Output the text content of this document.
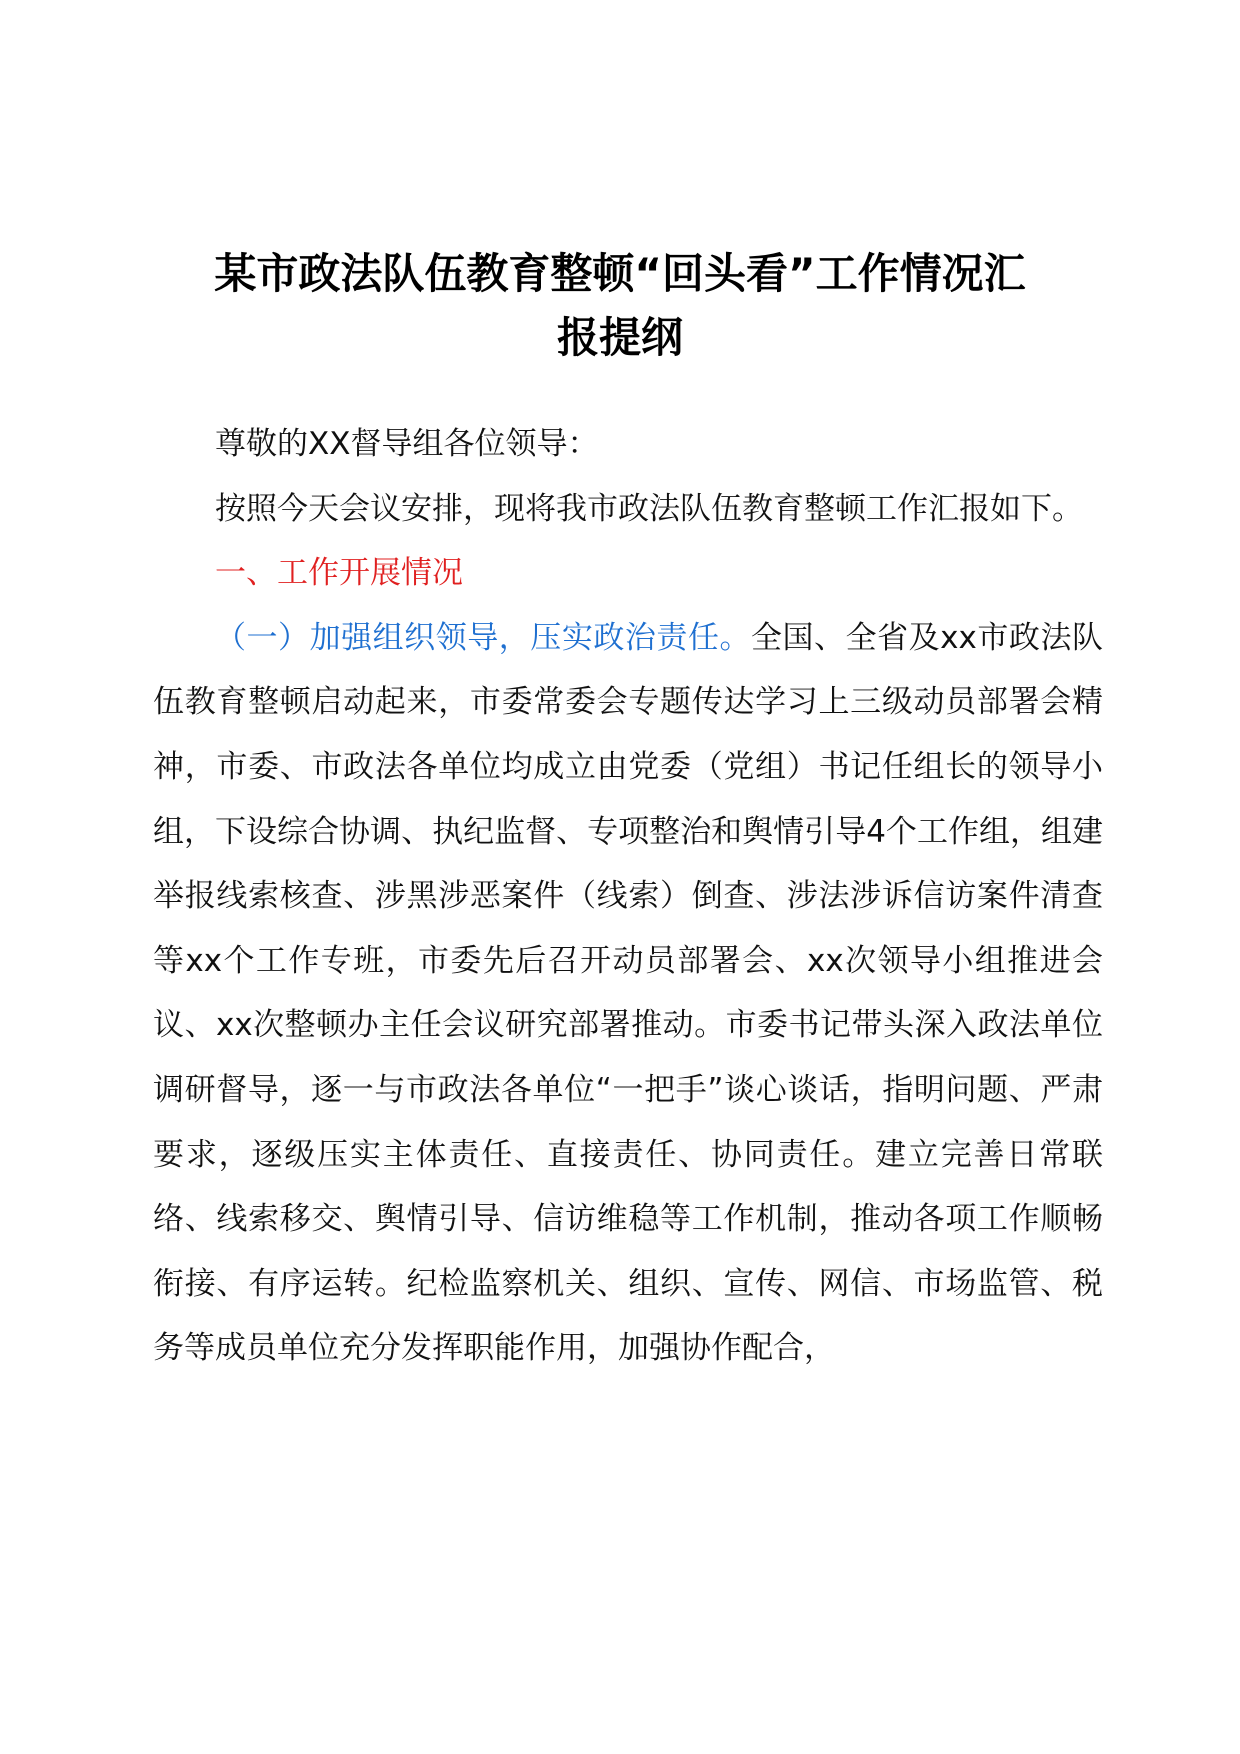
某市政法队伍教育整顿“回头看”工作情况汇
报提纲

尊敬的XX督导组各位领导：

按照今天会议安排，现将我市政法队伍教育整顿工作汇报如下。

一、工作开展情况

（一）加强组织领导，压实政治责任。全国、全省及xx市政法队伍教育整顿启动起来，市委常委会专题传达学习上三级动员部署会精神，市委、市政法各单位均成立由党委（党组）书记任组长的领导小组，下设综合协调、执纪监督、专项整治和舆情引导4个工作组，组建举报线索核查、涉黑涉恶案件（线索）倒查、涉法涉诉信访案件清查等xx个工作专班，市委先后召开动员部署会、xx次领导小组推进会议、xx次整顿办主任会议研究部署推动。市委书记带头深入政法单位调研督导，逐一与市政法各单位“一把手”谈心谈话，指明问题、严肃要求，逐级压实主体责任、直接责任、协同责任。建立完善日常联络、线索移交、舆情引导、信访维稳等工作机制，推动各项工作顺畅衔接、有序运转。纪检监察机关、组织、宣传、网信、市场监管、税务等成员单位充分发挥职能作用，加强协作配合，
